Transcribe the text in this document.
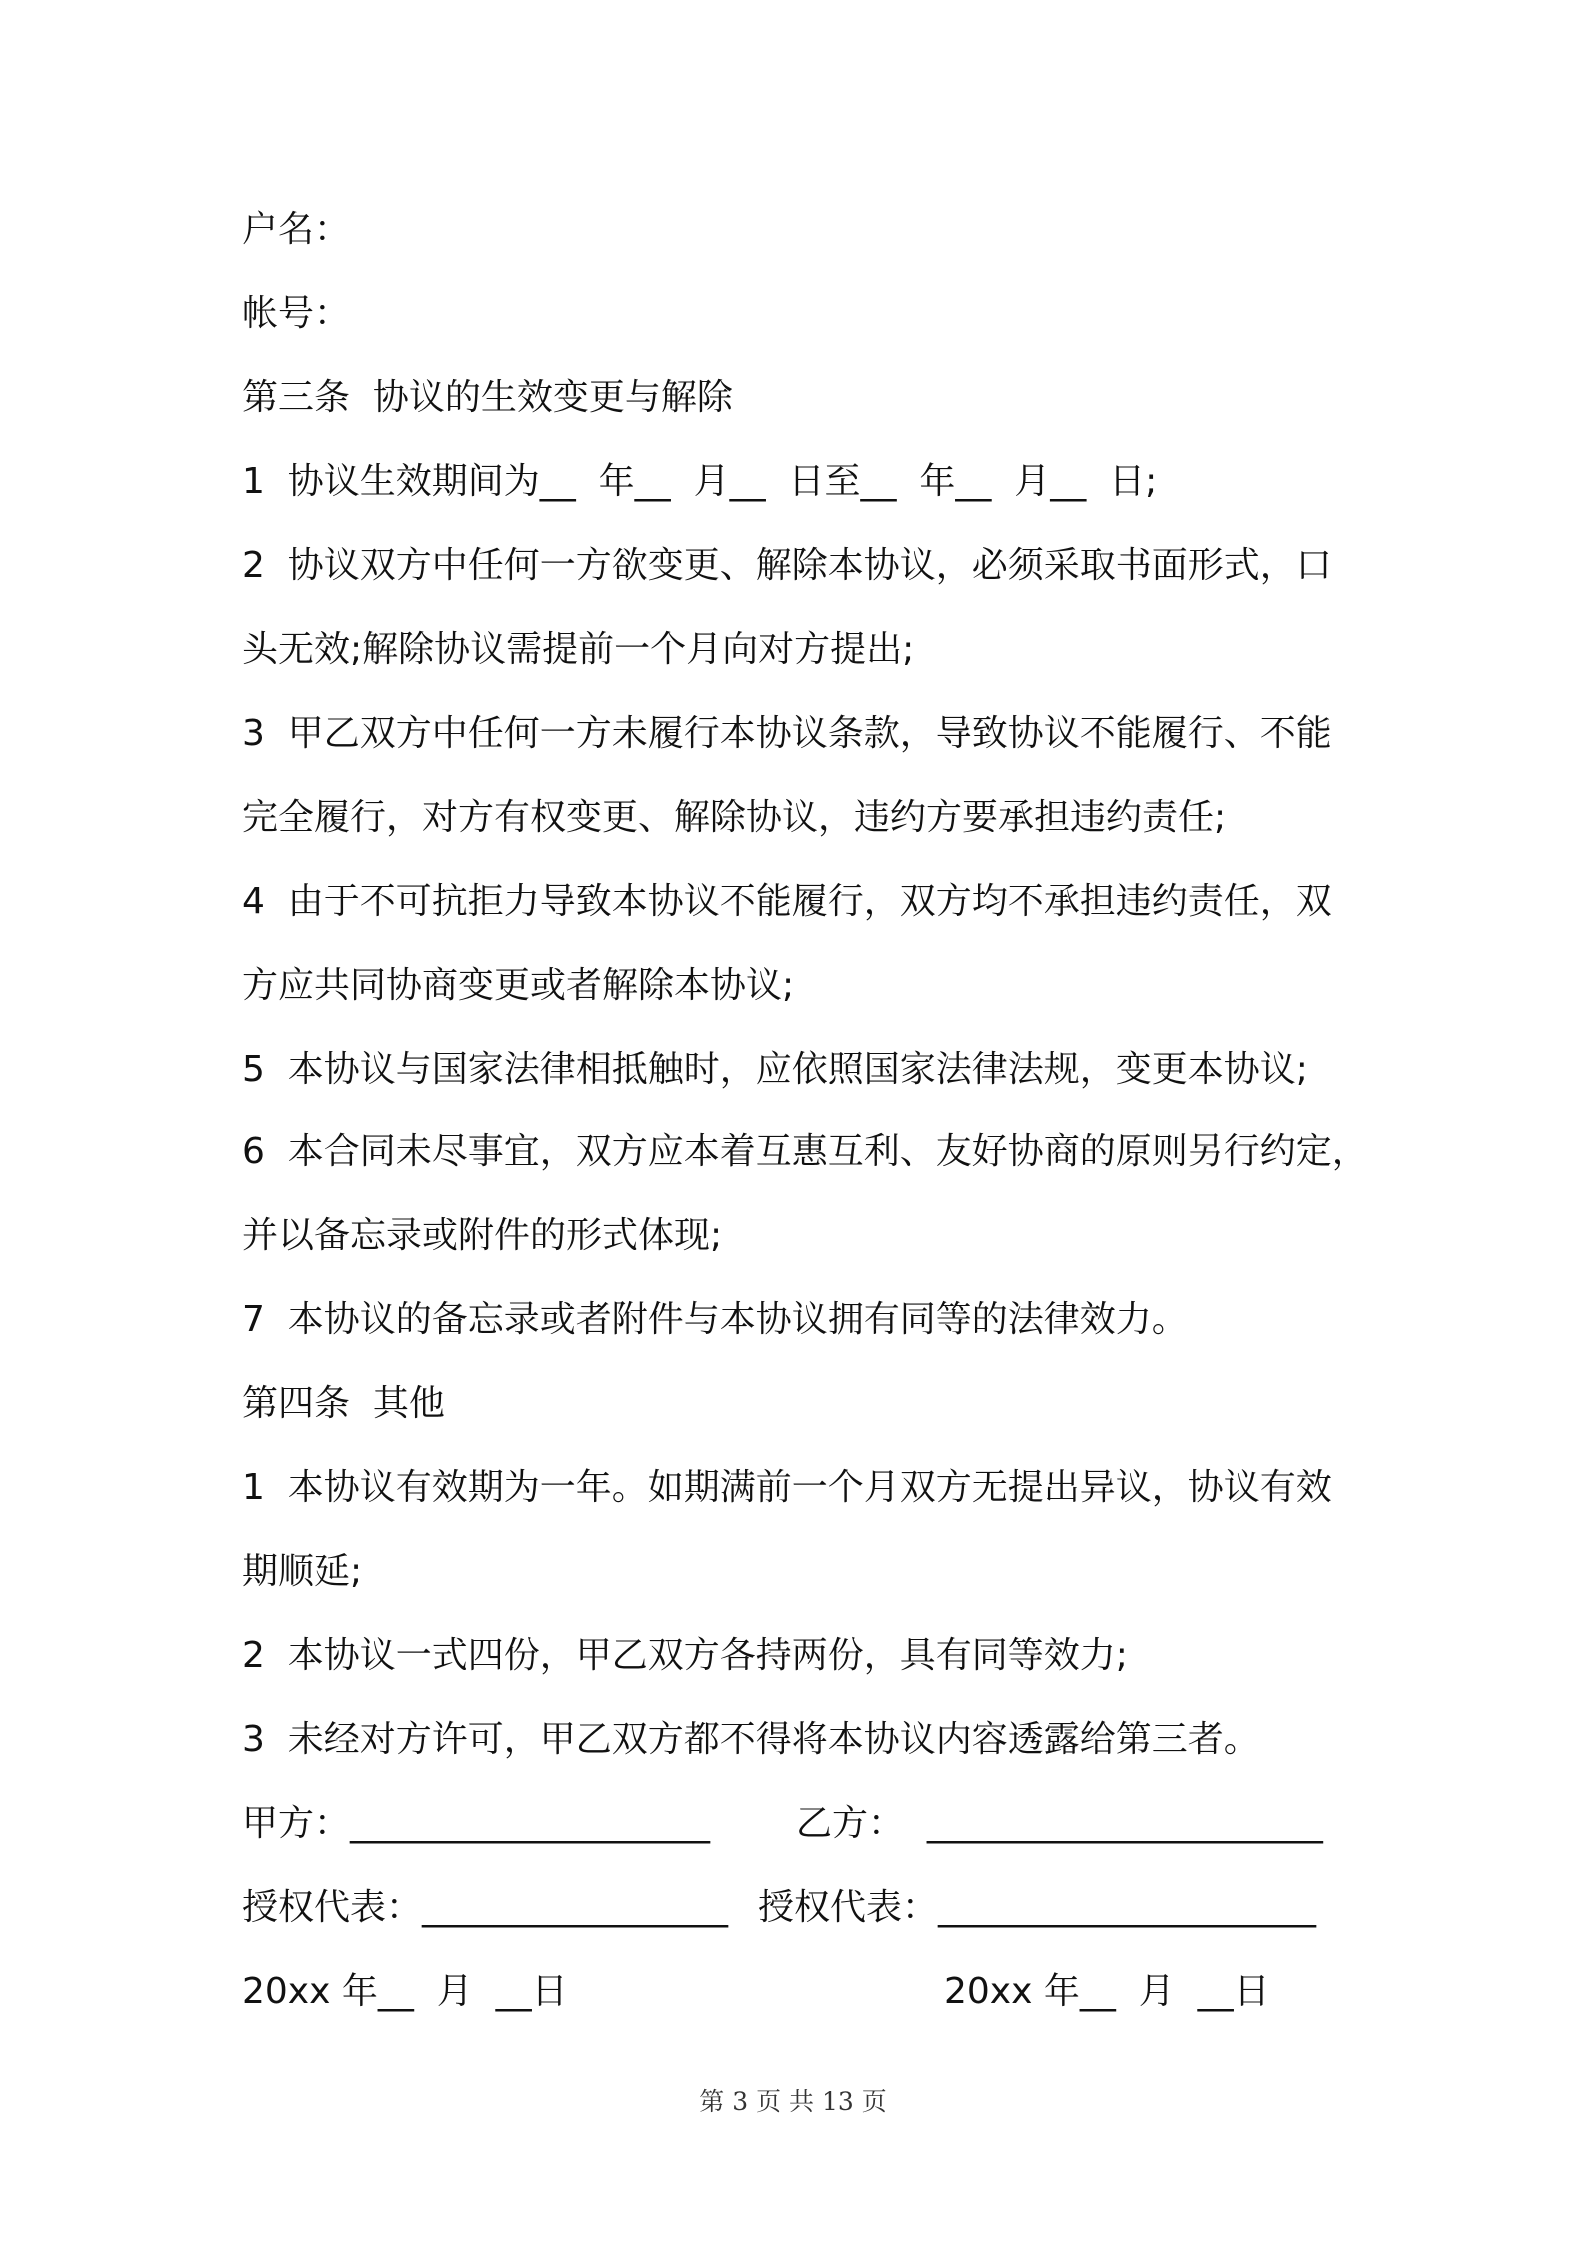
户名：
帐号：
第三条  协议的生效变更与解除
1  协议生效期间为__  年__  月__  日至__  年__  月__  日;
2  协议双方中任何一方欲变更、解除本协议，必须采取书面形式，口
头无效;解除协议需提前一个月向对方提出;
3  甲乙双方中任何一方未履行本协议条款，导致协议不能履行、不能
完全履行，对方有权变更、解除协议，违约方要承担违约责任;
4  由于不可抗拒力导致本协议不能履行，双方均不承担违约责任，双
方应共同协商变更或者解除本协议;
5  本协议与国家法律相抵触时，应依照国家法律法规，变更本协议;
6  本合同未尽事宜，双方应本着互惠互利、友好协商的原则另行约定，
并以备忘录或附件的形式体现;
7  本协议的备忘录或者附件与本协议拥有同等的法律效力。
第四条  其他
1  本协议有效期为一年。如期满前一个月双方无提出异议，协议有效
期顺延;
2  本协议一式四份，甲乙双方各持两份，具有同等效力;
3  未经对方许可，甲乙双方都不得将本协议内容透露给第三者。
甲方：____________________ 乙方：  ______________________
授权代表：_________________ 授权代表：_____________________
20xx 年__  月  __日	20xx 年__  月  __日
第 3 页 共 13 页
